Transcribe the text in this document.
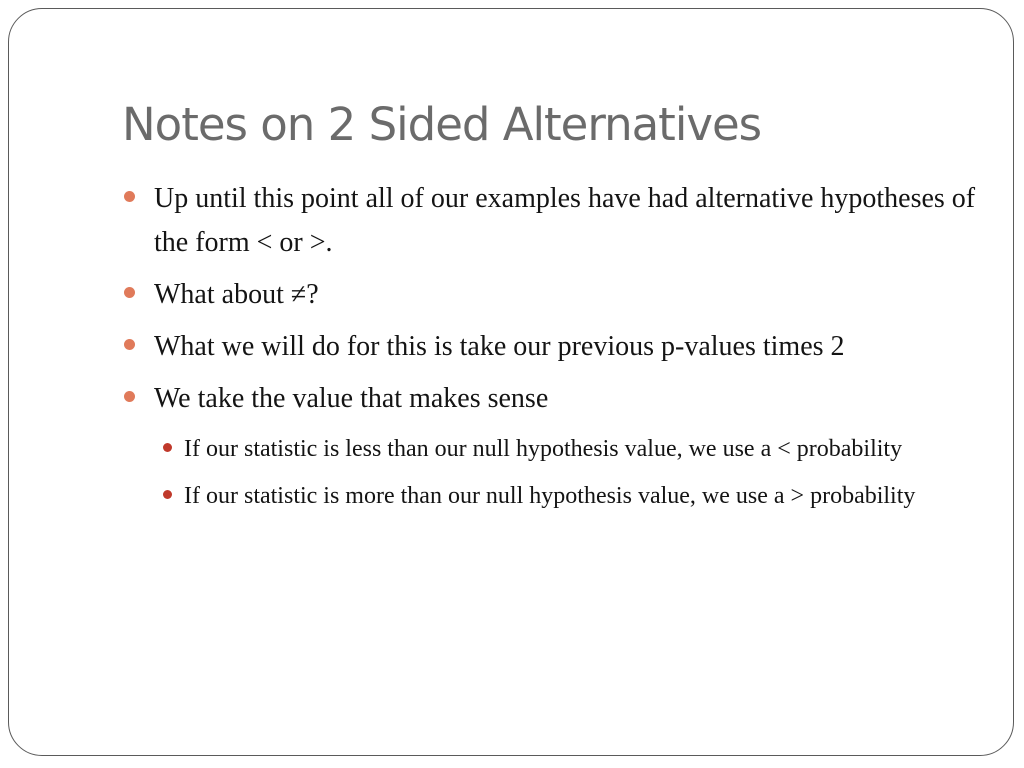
Notes on 2 Sided Alternatives
Up until this point all of our examples have had alternative hypotheses of the form < or >.
What about ≠?
What we will do for this is take our previous p-values times 2
We take the value that makes sense
If our statistic is less than our null hypothesis value, we use a < probability
If our statistic is more than our null hypothesis value, we use a > probability
